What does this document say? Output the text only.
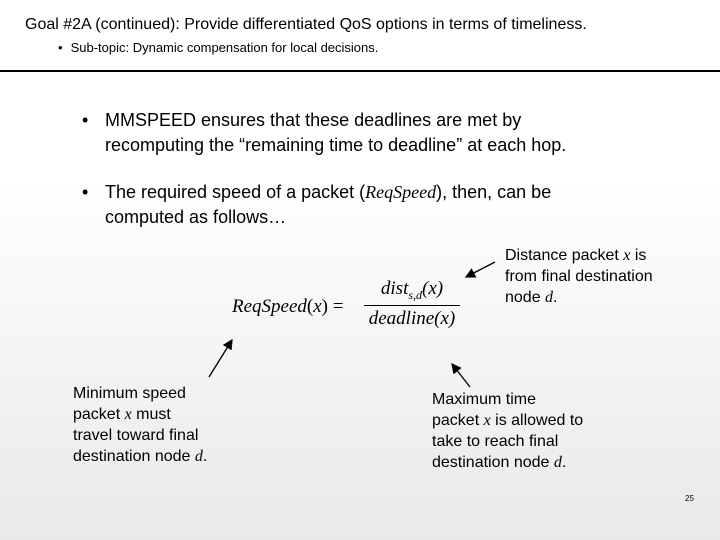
Goal #2A (continued): Provide differentiated QoS options in terms of timeliness.
• Sub-topic: Dynamic compensation for local decisions.
• MMSPEED ensures that these deadlines are met by
recomputing the “remaining time to deadline” at each hop.
• The required speed of a packet (ReqSpeed), then, can be
computed as follows…
ReqSpeed(x) =
dist$_{s,d}$(x)
deadline(x)
Distance packet x is
from final destination
node d.
Minimum speed
packet x must
travel toward final
destination node d.
Maximum time
packet x is allowed to
take to reach final
destination node d.
25
